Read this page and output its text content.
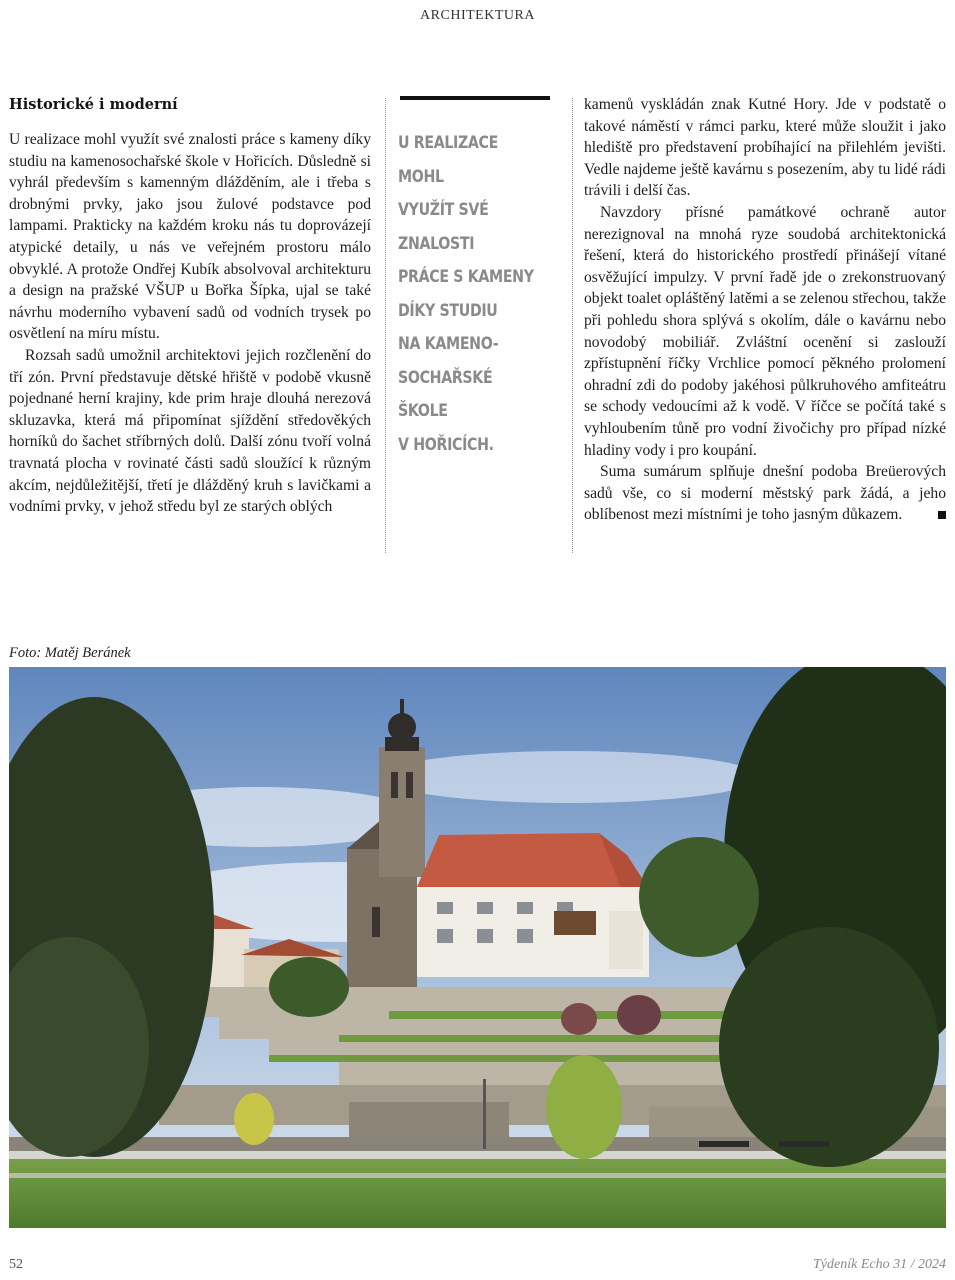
ARCHITEKTURA
Historické i moderní

U realizace mohl využít své znalosti práce s kameny díky studiu na kamenosochařské škole v Hořicích. Důsledně si vyhrál především s kamenným dlážděním, ale i třeba s drobnými prvky, jako jsou žulové podstavce pod lampami. Prakticky na každém kroku nás tu doprovázejí atypické detaily, u nás ve veřejném prostoru málo obvyklé. A protože Ondřej Kubík absolvoval architekturu a design na pražské VŠUP u Bořka Šípka, ujal se také návrhu moderního vybavení sadů od vodních trysek po osvětlení na míru místu.

Rozsah sadů umožnil architektovi jejich rozčlenění do tří zón. První představuje dětské hřiště v podobě vkusně pojednané herní krajiny, kde prim hraje dlouhá nerezová skluzavka, která má připomínat sjíždění středověkých horníků do šachet stříbrných dolů. Další zónu tvoří volná travnatá plocha v rovinaté části sadů sloužící k různým akcím, nejdůležitější, třetí je dlážděný kruh s lavičkami a vodními prvky, v jehož středu byl ze starých oblých

U REALIZACE MOHL
VYUŽÍT SVÉ ZNALOSTI
PRÁCE S KAMENY
DÍKY STUDIU
NA KAMENO-
SOCHAŘSKÉ ŠKOLE
V HOŘICÍCH.

kamenů vyskládán znak Kutné Hory. Jde v podstatě o takové náměstí v rámci parku, které může sloužit i jako hlediště pro představení probíhající na přilehlém jevišti. Vedle najdeme ještě kavárnu s posezením, aby tu lidé rádi trávili i delší čas.

Navzdory přísné památkové ochraně autor nerezignoval na mnohá ryze soudobá architektonická řešení, která do historického prostředí přinášejí vítané osvěžující impulzy. V první řadě jde o zrekonstruovaný objekt toalet opláštěný latěmi a se zelenou střechou, takže při pohledu shora splývá s okolím, dále o kavárnu nebo novodobý mobiliář. Zvláštní ocenění si zaslouží zpřístupnění říčky Vrchlice pomocí pěkného prolomení ohradní zdi do podoby jakéhosi půlkruhového amfiteátru se schody vedoucími až k vodě. V říčce se počítá také s vyhloubením tůně pro vodní živočichy pro případ nízké hladiny vody i pro koupání.

Suma sumárum splňuje dnešní podoba Breüerových sadů vše, co si moderní městský park žádá, a jeho oblíbenost mezi místními je toho jasným důkazem.

Foto: Matěj Beránek
52	Týdeník Echo 31 / 2024
